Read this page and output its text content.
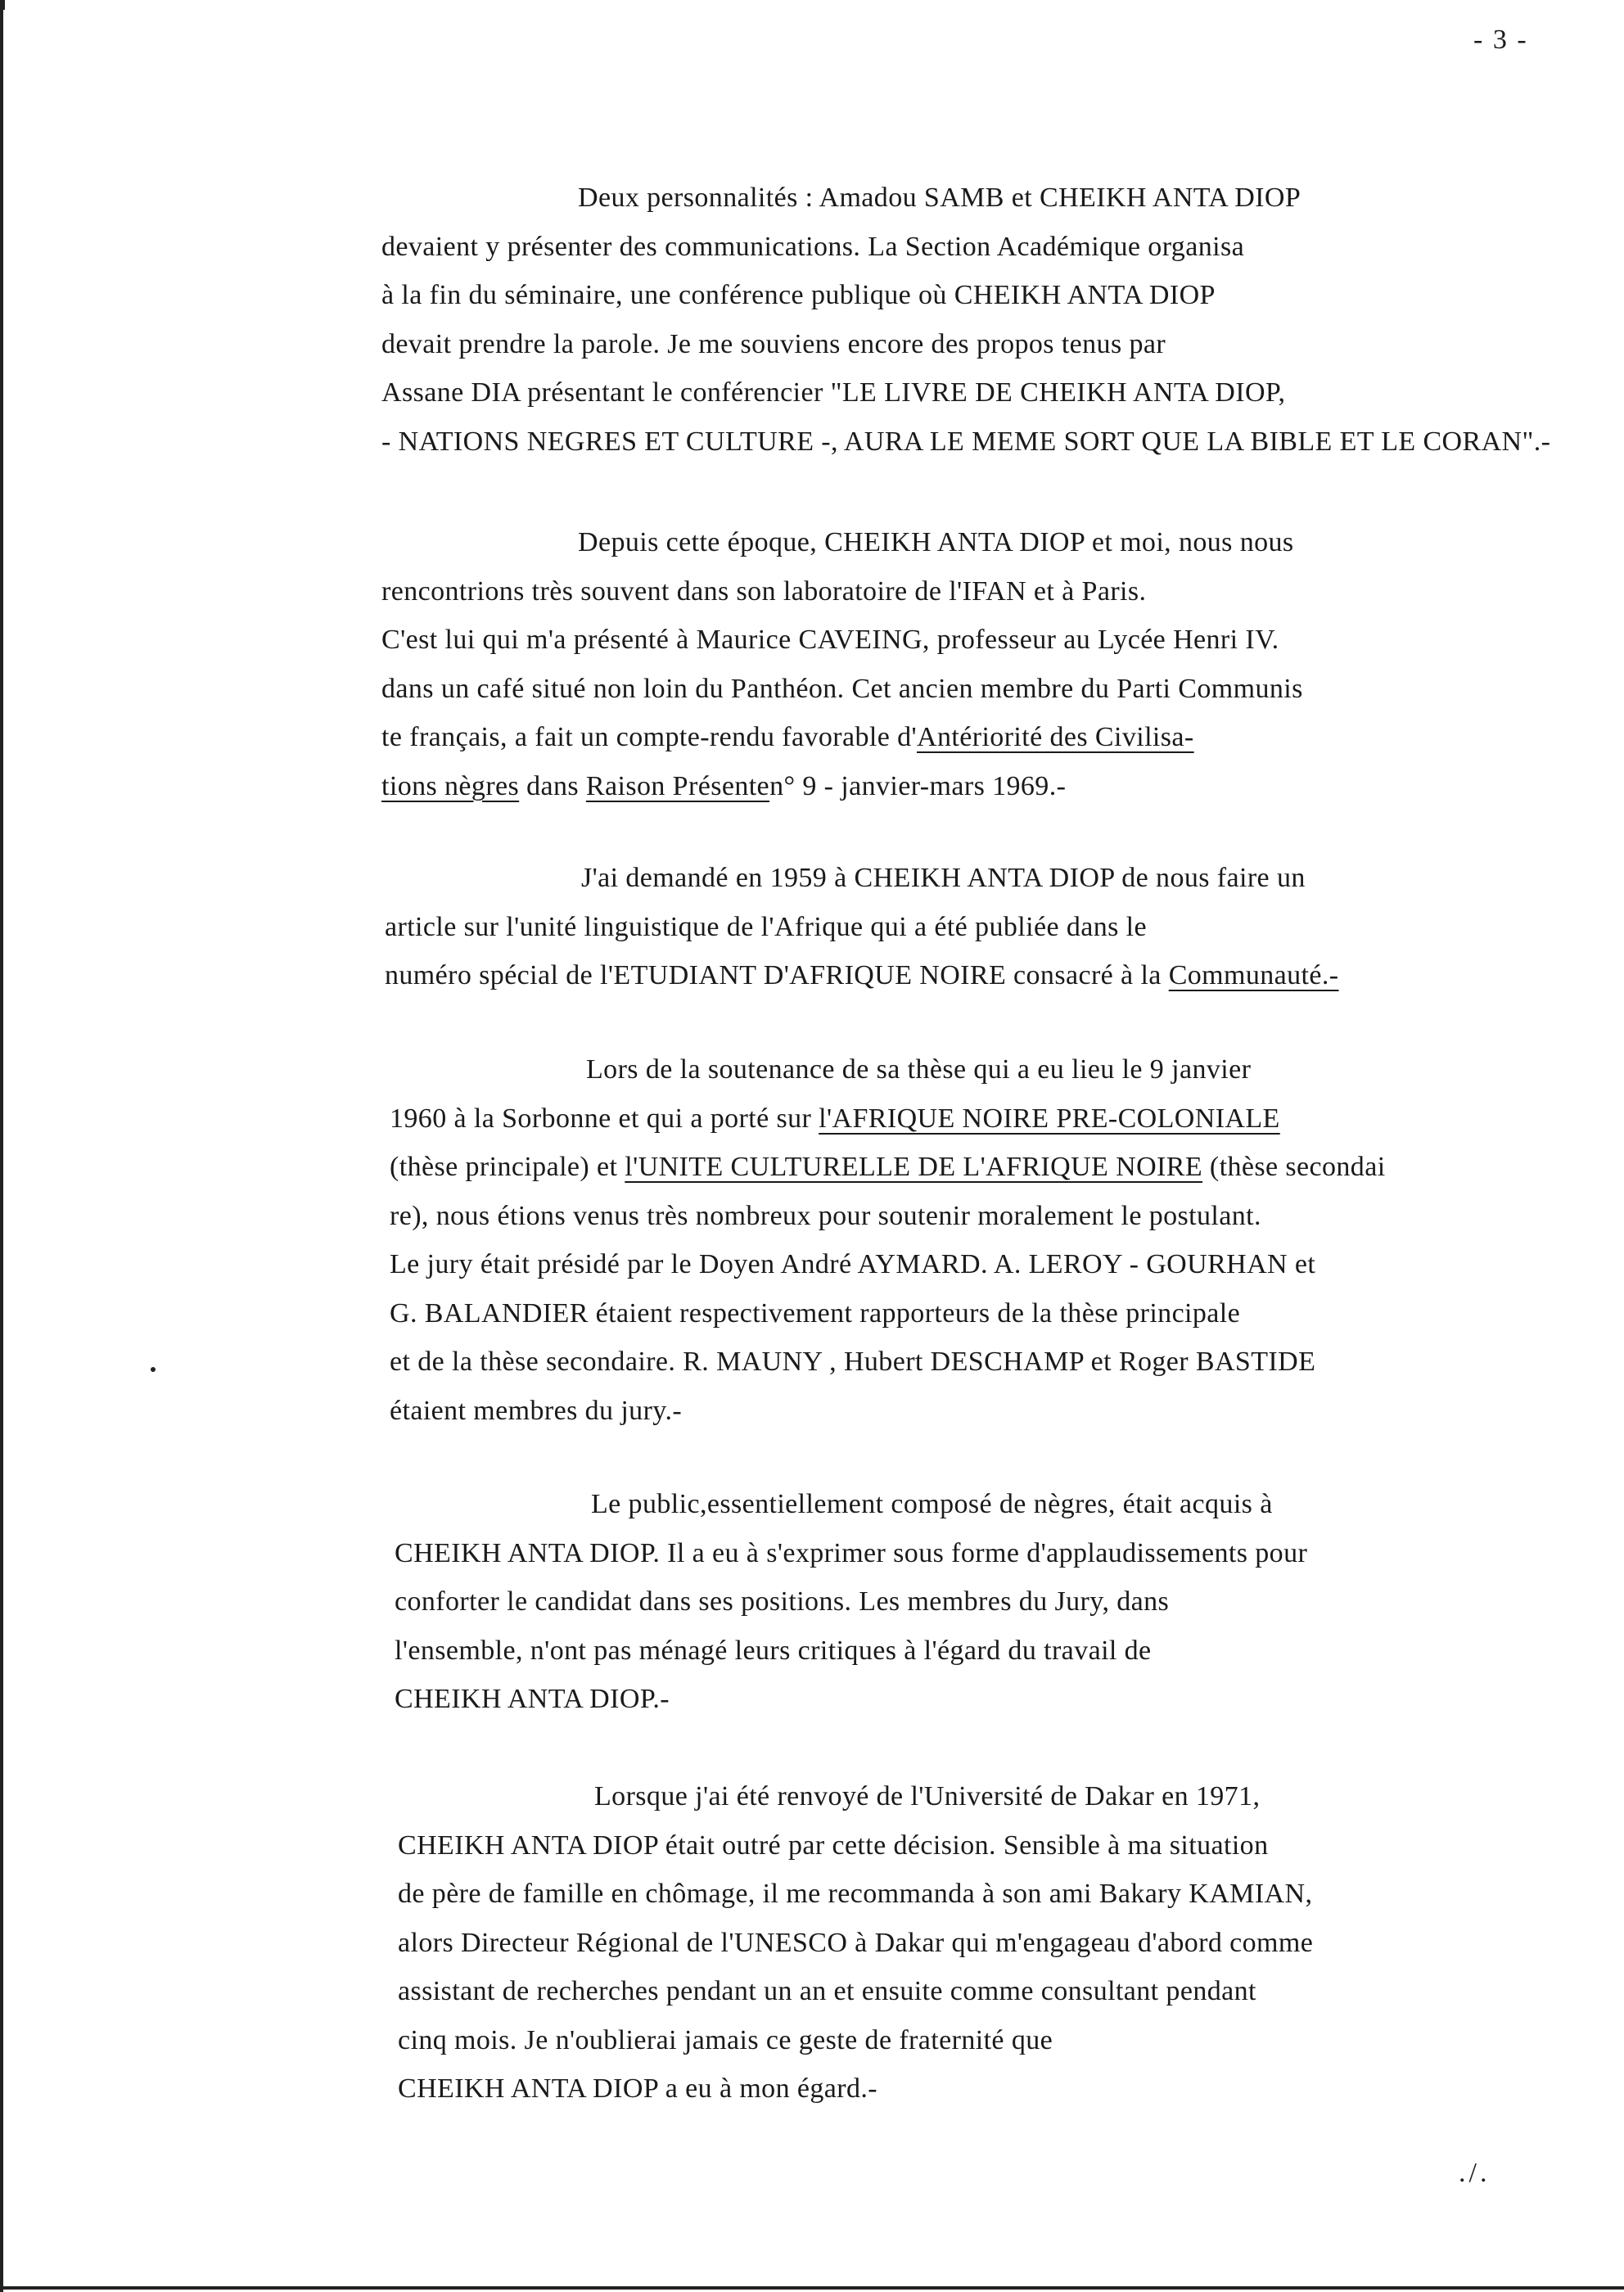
- 3 -
Deux personnalités : Amadou SAMB et CHEIKH ANTA DIOP
devaient y présenter des communications. La Section Académique organisa
à la fin du séminaire, une conférence publique où CHEIKH ANTA DIOP
devait prendre la parole. Je me souviens encore des propos tenus par
Assane DIA présentant le conférencier "LE LIVRE DE CHEIKH ANTA DIOP,
- NATIONS NEGRES ET CULTURE -, AURA LE MEME SORT QUE LA BIBLE ET LE CORAN".-
Depuis cette époque, CHEIKH ANTA DIOP et moi, nous nous
rencontrions très souvent dans son laboratoire de l'IFAN et à Paris.
C'est lui qui m'a présenté à Maurice CAVEING, professeur au Lycée Henri IV.
dans un café situé non loin du Panthéon. Cet ancien membre du Parti Communis
te français, a fait un compte-rendu favorable d'Antériorité des Civilisa-
tions nègres dans Raison Présenten° 9 - janvier-mars 1969.-
J'ai demandé en 1959 à CHEIKH ANTA DIOP de nous faire un
article sur l'unité linguistique de l'Afrique qui a été publiée dans le
numéro spécial de l'ETUDIANT D'AFRIQUE NOIRE consacré à la Communauté.-
Lors de la soutenance de sa thèse qui a eu lieu le 9 janvier
1960 à la Sorbonne et qui a porté sur l'AFRIQUE NOIRE PRE-COLONIALE
(thèse principale) et l'UNITE CULTURELLE DE L'AFRIQUE NOIRE (thèse secondai
re), nous étions venus très nombreux pour soutenir moralement le postulant.
Le jury était présidé par le Doyen André AYMARD. A. LEROY - GOURHAN et
G. BALANDIER étaient respectivement rapporteurs de la thèse principale
et de la thèse secondaire. R. MAUNY , Hubert DESCHAMP et Roger BASTIDE
étaient membres du jury.-
Le public,essentiellement composé de nègres, était acquis à
CHEIKH ANTA DIOP. Il a eu à s'exprimer sous forme d'applaudissements pour
conforter le candidat dans ses positions. Les membres du Jury, dans
l'ensemble, n'ont pas ménagé leurs critiques à l'égard du travail de
CHEIKH ANTA DIOP.-
Lorsque j'ai été renvoyé de l'Université de Dakar en 1971,
CHEIKH ANTA DIOP était outré par cette décision. Sensible à ma situation
de père de famille en chômage, il me recommanda à son ami Bakary KAMIAN,
alors Directeur Régional de l'UNESCO à Dakar qui m'engageau d'abord comme
assistant de recherches pendant un an et ensuite comme consultant pendant
cinq mois. Je n'oublierai jamais ce geste de fraternité que
CHEIKH ANTA DIOP a eu à mon égard.-
./.
